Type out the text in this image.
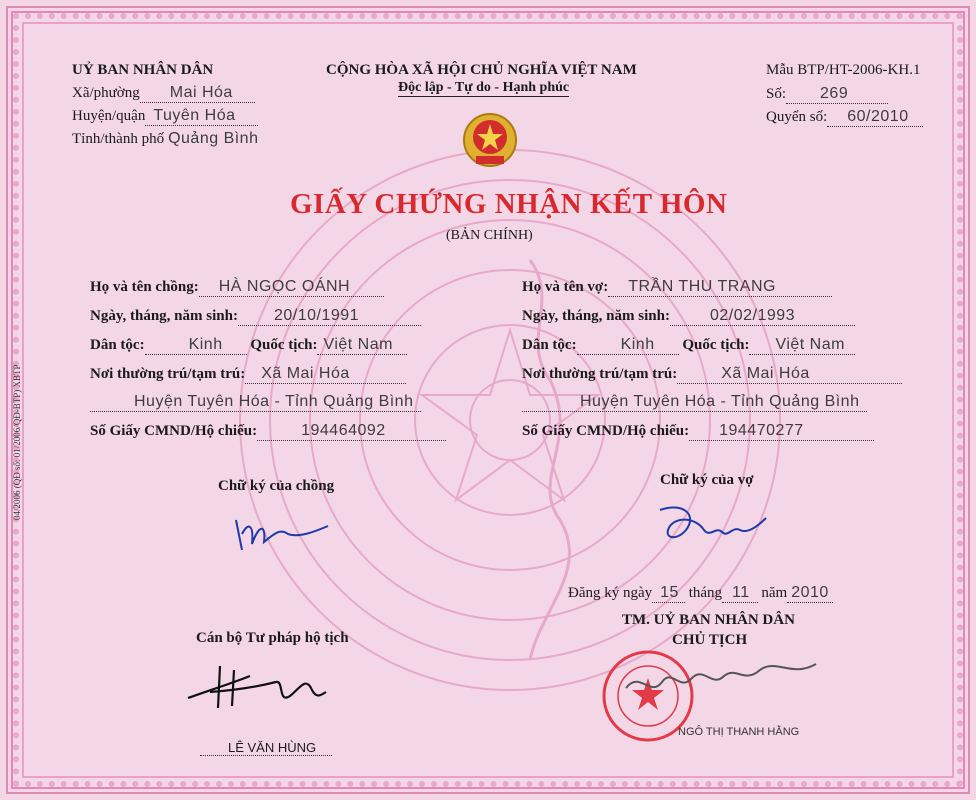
UỶ BAN NHÂN DÂN
Xã/phường Mai Hóa
Huyện/quận Tuyên Hóa
Tỉnh/thành phố Quảng Bình
CỘNG HÒA XÃ HỘI CHỦ NGHĨA VIỆT NAM
Độc lập - Tự do - Hạnh phúc
Mẫu BTP/HT-2006-KH.1
Số: 269
Quyển số: 60/2010
GIẤY CHỨNG NHẬN KẾT HÔN
(BẢN CHÍNH)
Họ và tên chồng: HÀ NGỌC OÁNH
Ngày, tháng, năm sinh: 20/10/1991
Dân tộc:	Kinh Quốc tịch: Việt Nam
Nơi thường trú/tạm trú: Xã Mai Hóa
Huyện Tuyên Hóa - Tỉnh Quảng Bình
Số Giấy CMND/Hộ chiếu:	194464092
Họ và tên vợ: TRẦN THU TRANG
Ngày, tháng, năm sinh:	02/02/1993
Dân tộc:	Kinh Quốc tịch: Việt Nam
Nơi thường trú/tạm trú:	Xã Mai Hóa
Huyện Tuyên Hóa - Tỉnh Quảng Bình
Số Giấy CMND/Hộ chiếu: 194470277
Chữ ký của chồng	Chữ ký của vợ
Đăng ký ngày 15 tháng 11 năm 2010
TM. UỶ BAN NHÂN DÂN
CHỦ TỊCH
NGÔ THỊ THANH HẰNG
Cán bộ Tư pháp hộ tịch
LÊ VĂN HÙNG
04/2006 (QĐ số: 01/2006/QĐ-BTP) XBTP
